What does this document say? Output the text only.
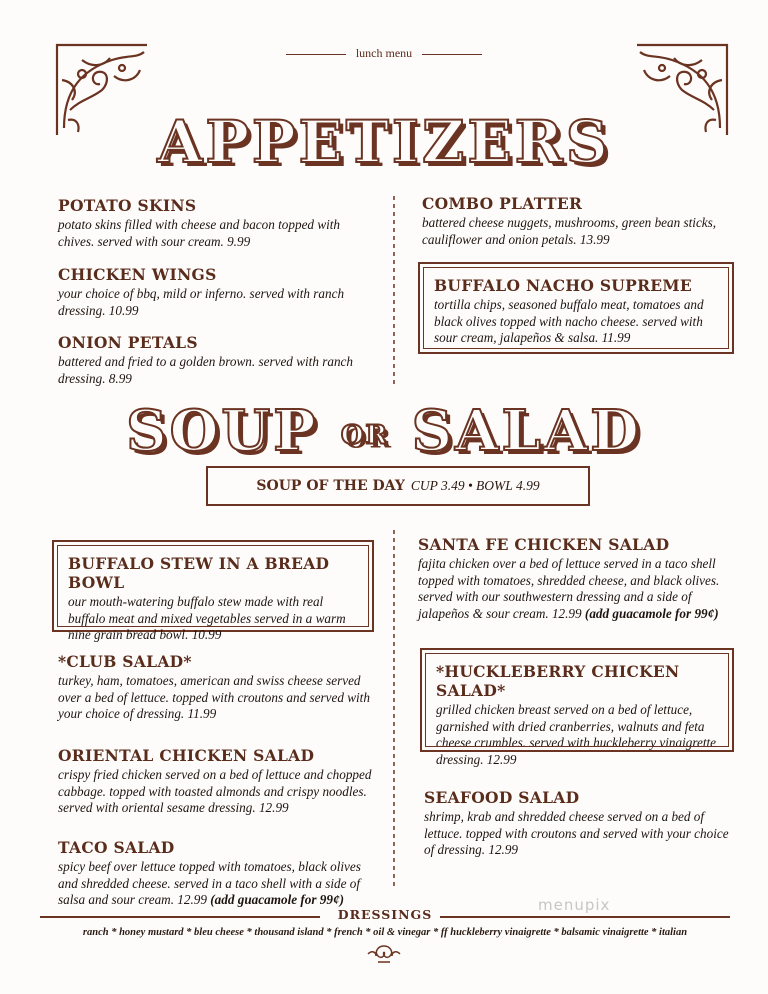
lunch menu
APPETIZERS
POTATO SKINS
potato skins filled with cheese and bacon topped with chives. served with sour cream. 9.99
CHICKEN WINGS
your choice of bbq, mild or inferno. served with ranch dressing. 10.99
ONION PETALS
battered and fried to a golden brown. served with ranch dressing. 8.99
COMBO PLATTER
battered cheese nuggets, mushrooms, green bean sticks, cauliflower and onion petals. 13.99
BUFFALO NACHO SUPREME
tortilla chips, seasoned buffalo meat, tomatoes and black olives topped with nacho cheese. served with sour cream, jalapeños & salsa. 11.99
SOUP OR SALAD
SOUP OF THE DAY CUP 3.49 • BOWL 4.99
BUFFALO STEW IN A BREAD BOWL
our mouth-watering buffalo stew made with real buffalo meat and mixed vegetables served in a warm nine grain bread bowl. 10.99
*CLUB SALAD*
turkey, ham, tomatoes, american and swiss cheese served over a bed of lettuce. topped with croutons and served with your choice of dressing. 11.99
ORIENTAL CHICKEN SALAD
crispy fried chicken served on a bed of lettuce and chopped cabbage. topped with toasted almonds and crispy noodles. served with oriental sesame dressing. 12.99
TACO SALAD
spicy beef over lettuce topped with tomatoes, black olives and shredded cheese. served in a taco shell with a side of salsa and sour cream. 12.99 (add guacamole for 99¢)
SANTA FE CHICKEN SALAD
fajita chicken over a bed of lettuce served in a taco shell topped with tomatoes, shredded cheese, and black olives. served with our southwestern dressing and a side of jalapeños & sour cream. 12.99 (add guacamole for 99¢)
*HUCKLEBERRY CHICKEN SALAD*
grilled chicken breast served on a bed of lettuce, garnished with dried cranberries, walnuts and feta cheese crumbles. served with huckleberry vinaigrette dressing. 12.99
SEAFOOD SALAD
shrimp, krab and shredded cheese served on a bed of lettuce. topped with croutons and served with your choice of dressing. 12.99
DRESSINGS
ranch * honey mustard * bleu cheese * thousand island * french * oil & vinegar * ff huckleberry vinaigrette * balsamic vinaigrette * italian
menupix
